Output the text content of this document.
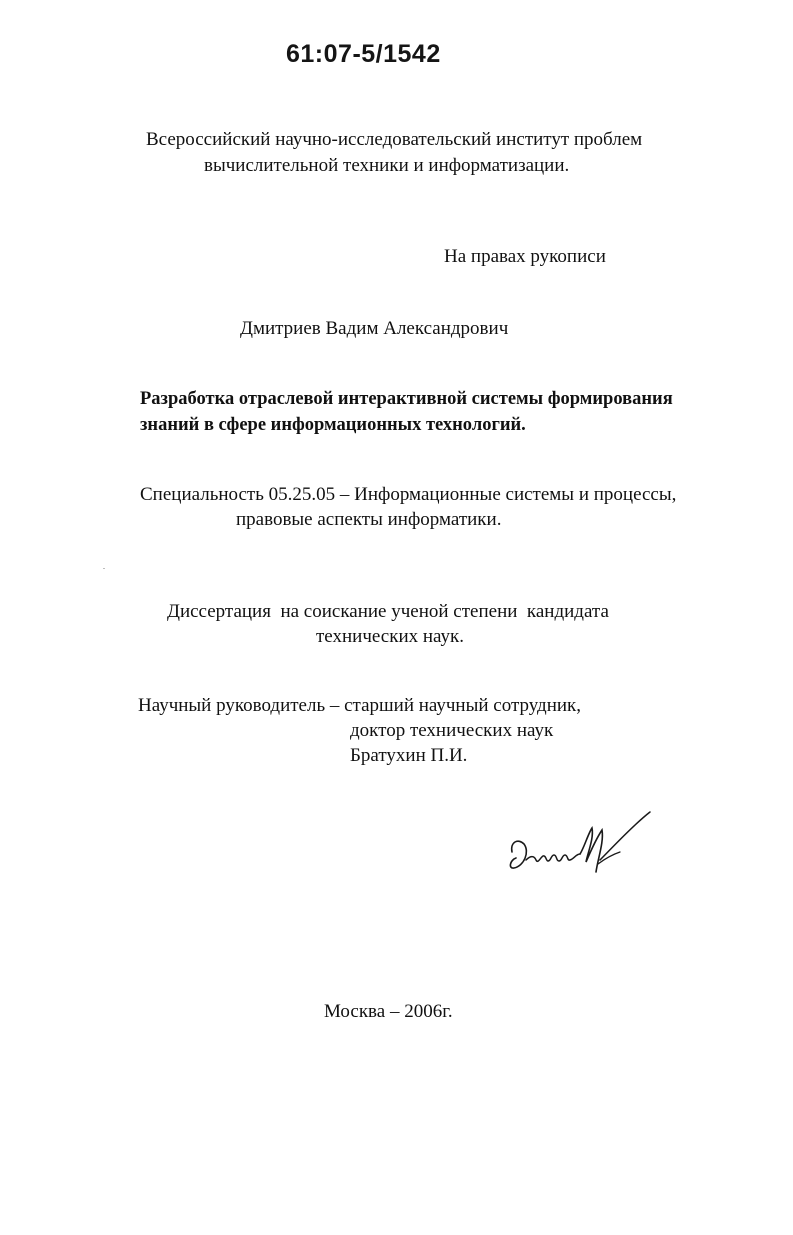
61:07-5/1542
Всероссийский научно-исследовательский институт проблем
вычислительной техники и информатизации.
На правах рукописи
Дмитриев Вадим Александрович
Разработка отраслевой интерактивной системы формирования
знаний в сфере информационных технологий.
Специальность 05.25.05 – Информационные системы и процессы,
правовые аспекты информатики.
Диссертация  на соискание ученой степени  кандидата
технических наук.
Научный руководитель – старший научный сотрудник,
доктор технических наук
Братухин П.И.
Москва – 2006г.
